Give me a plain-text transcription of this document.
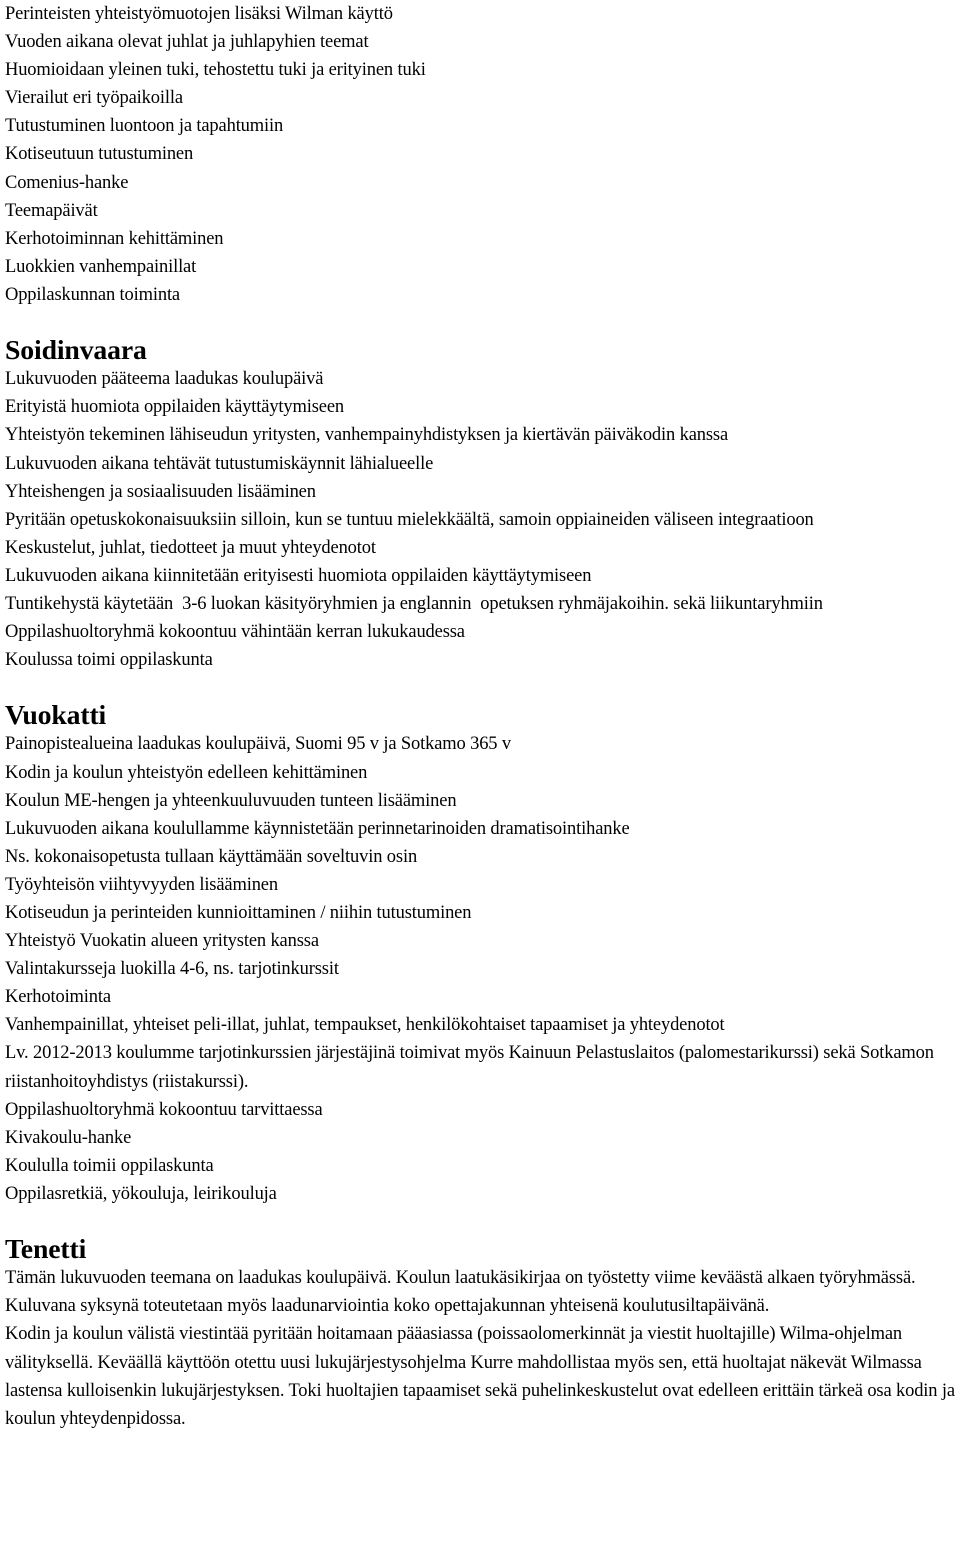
Perinteisten yhteistyömuotojen lisäksi Wilman käyttö

Vuoden aikana olevat juhlat ja juhlapyhien teemat

Huomioidaan yleinen tuki, tehostettu tuki ja erityinen tuki

Vierailut eri työpaikoilla

Tutustuminen luontoon ja tapahtumiin

Kotiseutuun tutustuminen

Comenius-hanke

Teemapäivät

Kerhotoiminnan kehittäminen

Luokkien vanhempainillat

Oppilaskunnan toiminta

Soidinvaara

Lukuvuoden pääteema laadukas koulupäivä

Erityistä huomiota oppilaiden käyttäytymiseen

Yhteistyön tekeminen lähiseudun yritysten, vanhempainyhdistyksen ja kiertävän päiväkodin kanssa

Lukuvuoden aikana tehtävät tutustumiskäynnit lähialueelle

Yhteishengen ja sosiaalisuuden lisääminen

Pyritään opetuskokonaisuuksiin silloin, kun se tuntuu mielekkäältä, samoin oppiaineiden väliseen integraatioon

Keskustelut, juhlat, tiedotteet ja muut yhteydenotot

Lukuvuoden aikana kiinnitetään erityisesti huomiota oppilaiden käyttäytymiseen

Tuntikehystä käytetään  3-6 luokan käsityöryhmien ja englannin  opetuksen ryhmäjakoihin. sekä liikuntaryhmiin

Oppilashuoltoryhmä kokoontuu vähintään kerran lukukaudessa

Koulussa toimi oppilaskunta

Vuokatti

Painopistealueina laadukas koulupäivä, Suomi 95 v ja Sotkamo 365 v

Kodin ja koulun yhteistyön edelleen kehittäminen

Koulun ME-hengen ja yhteenkuuluvuuden tunteen lisääminen

Lukuvuoden aikana koulullamme käynnistetään perinnetarinoiden dramatisointihanke

Ns. kokonaisopetusta tullaan käyttämään soveltuvin osin

Työyhteisön viihtyvyyden lisääminen

Kotiseudun ja perinteiden kunnioittaminen / niihin tutustuminen

Yhteistyö Vuokatin alueen yritysten kanssa

Valintakursseja luokilla 4-6, ns. tarjotinkurssit

Kerhotoiminta

Vanhempainillat, yhteiset peli-illat, juhlat, tempaukset, henkilökohtaiset tapaamiset ja yhteydenotot

Lv. 2012-2013 koulumme tarjotinkurssien järjestäjinä toimivat myös Kainuun Pelastuslaitos (palomestarikurssi) sekä Sotkamon riistanhoitoyhdistys (riistakurssi).

Oppilashuoltoryhmä kokoontuu tarvittaessa

Kivakoulu-hanke

Koululla toimii oppilaskunta

Oppilasretkiä, yökouluja, leirikouluja

Tenetti

Tämän lukuvuoden teemana on laadukas koulupäivä. Koulun laatukäsikirjaa on työstetty viime keväästä alkaen työryhmässä. Kuluvana syksynä toteutetaan myös laadunarviointia koko opettajakunnan yhteisenä koulutusiltapäivänä.

Kodin ja koulun välistä viestintää pyritään hoitamaan pääasiassa (poissaolomerkinnät ja viestit huoltajille) Wilma-ohjelman välityksellä. Keväällä käyttöön otettu uusi lukujärjestysohjelma Kurre mahdollistaa myös sen, että huoltajat näkevät Wilmassa lastensa kulloisenkin lukujärjestyksen. Toki huoltajien tapaamiset sekä puhelinkeskustelut ovat edelleen erittäin tärkeä osa kodin ja koulun yhteydenpidossa.
